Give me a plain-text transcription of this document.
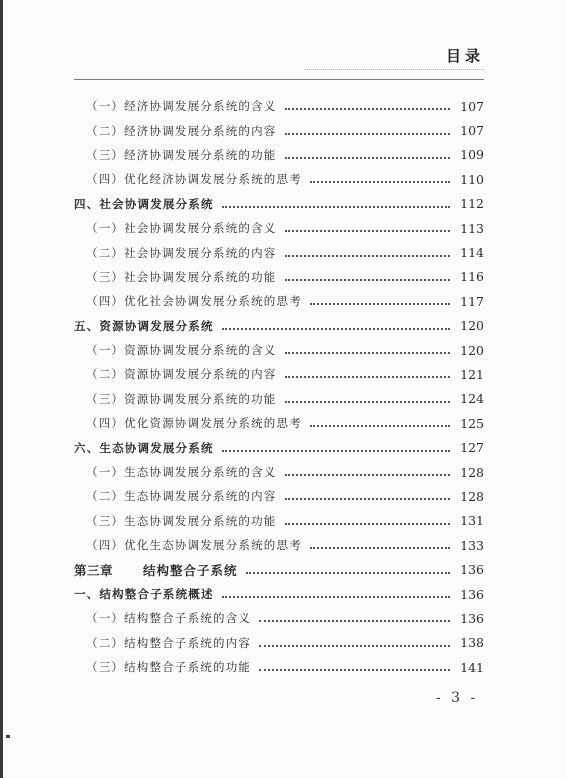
目录
（一）经济协调发展分系统的含义	107
（二）经济协调发展分系统的内容	107
（三）经济协调发展分系统的功能	109
（四）优化经济协调发展分系统的思考	110
四、社会协调发展分系统	112
（一）社会协调发展分系统的含义	113
（二）社会协调发展分系统的内容	114
（三）社会协调发展分系统的功能	116
（四）优化社会协调发展分系统的思考	117
五、资源协调发展分系统	120
（一）资源协调发展分系统的含义	120
（二）资源协调发展分系统的内容	121
（三）资源协调发展分系统的功能	124
（四）优化资源协调发展分系统的思考	125
六、生态协调发展分系统	127
（一）生态协调发展分系统的含义	128
（二）生态协调发展分系统的内容	128
（三）生态协调发展分系统的功能	131
（四）优化生态协调发展分系统的思考	133
第三章 结构整合子系统	136
一、结构整合子系统概述	136
（一）结构整合子系统的含义	136
（二）结构整合子系统的内容	138
（三）结构整合子系统的功能	141
- 3 -
